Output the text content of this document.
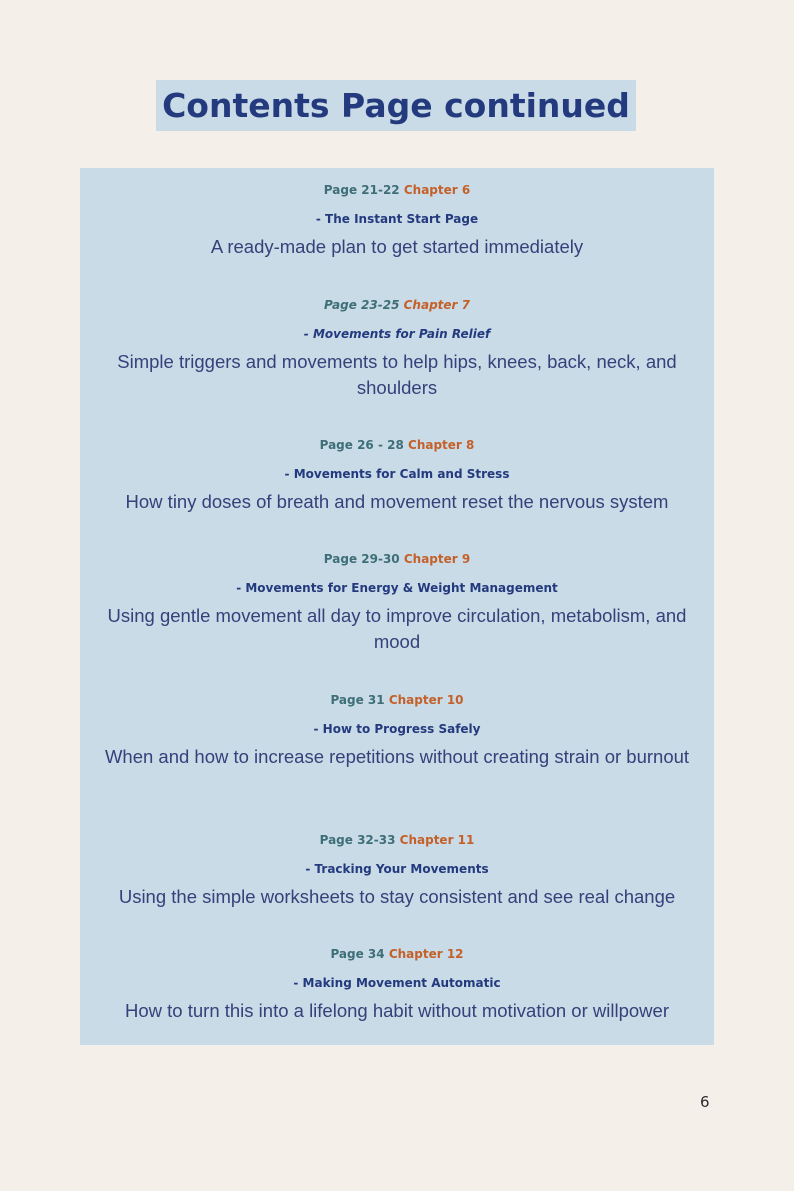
Contents Page continued
Page 21-22 Chapter 6
- The Instant Start Page
A ready-made plan to get started immediately
Page 23-25 Chapter 7
- Movements for Pain Relief
Simple triggers and movements to help hips, knees, back, neck, and shoulders
Page 26 - 28 Chapter 8
- Movements for Calm and Stress
How tiny doses of breath and movement reset the nervous system
Page 29-30 Chapter 9
- Movements for Energy & Weight Management
Using gentle movement all day to improve circulation, metabolism, and mood
Page 31 Chapter 10
- How to Progress Safely
When and how to increase repetitions without creating strain or burnout
Page 32-33 Chapter 11
- Tracking Your Movements
Using the simple worksheets to stay consistent and see real change
Page 34 Chapter 12
- Making Movement Automatic
How to turn this into a lifelong habit without motivation or willpower
6
